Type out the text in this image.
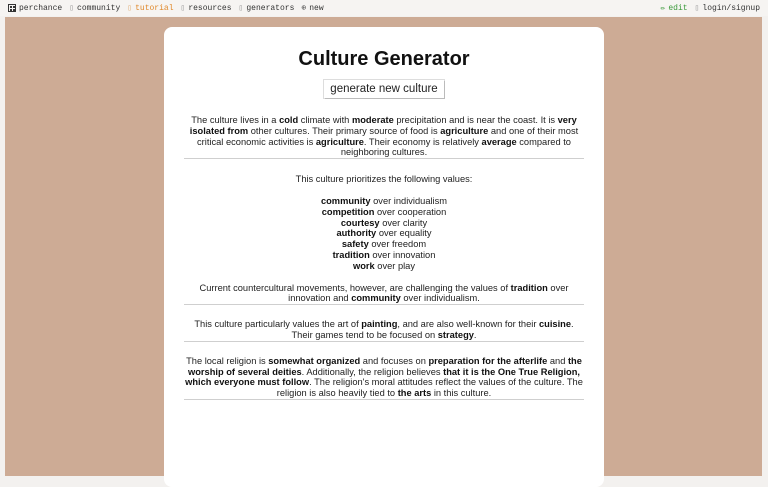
perchance ▯ community ▯ tutorial ▯ resources ▯ generators ⊕ new	✏ edit ▯ login/signup
Culture Generator
generate new culture
The culture lives in a cold climate with moderate precipitation and is near the coast. It is very isolated from other cultures. Their primary source of food is agriculture and one of their most critical economic activities is agriculture. Their economy is relatively average compared to neighboring cultures.
This culture prioritizes the following values:
community over individualism
competition over cooperation
courtesy over clarity
authority over equality
safety over freedom
tradition over innovation
work over play
Current countercultural movements, however, are challenging the values of tradition over innovation and community over individualism.
This culture particularly values the art of painting, and are also well-known for their cuisine. Their games tend to be focused on strategy.
The local religion is somewhat organized and focuses on preparation for the afterlife and the worship of several deities. Additionally, the religion believes that it is the One True Religion, which everyone must follow. The religion's moral attitudes reflect the values of the culture. The religion is also heavily tied to the arts in this culture.
